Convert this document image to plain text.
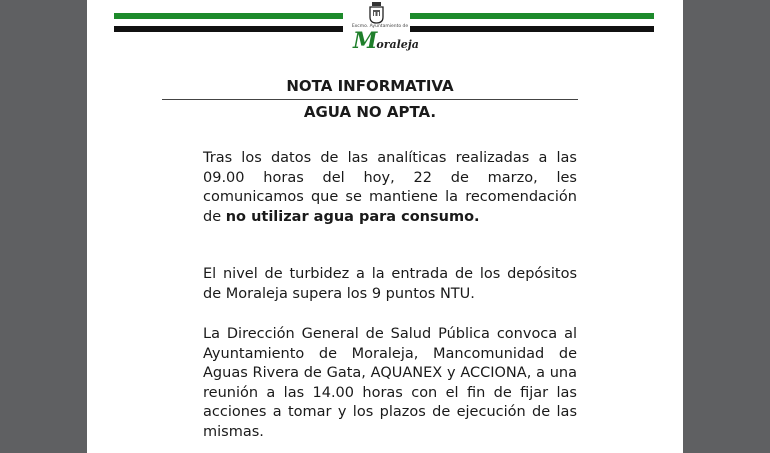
Excmo. Ayuntamiento de
Moraleja
NOTA INFORMATIVA
AGUA NO APTA.
Tras los datos de las analíticas realizadas a las 09.00 horas del hoy, 22 de marzo, les comunicamos que se mantiene la recomendación de no utilizar agua para consumo.
El nivel de turbidez a la entrada de los depósitos de Moraleja supera los 9 puntos NTU.
La Dirección General de Salud Pública convoca al Ayuntamiento de Moraleja, Mancomunidad de Aguas Rivera de Gata, AQUANEX y ACCIONA, a una reunión a las 14.00 horas con el fin de fijar las acciones a tomar y los plazos de ejecución de las mismas.
